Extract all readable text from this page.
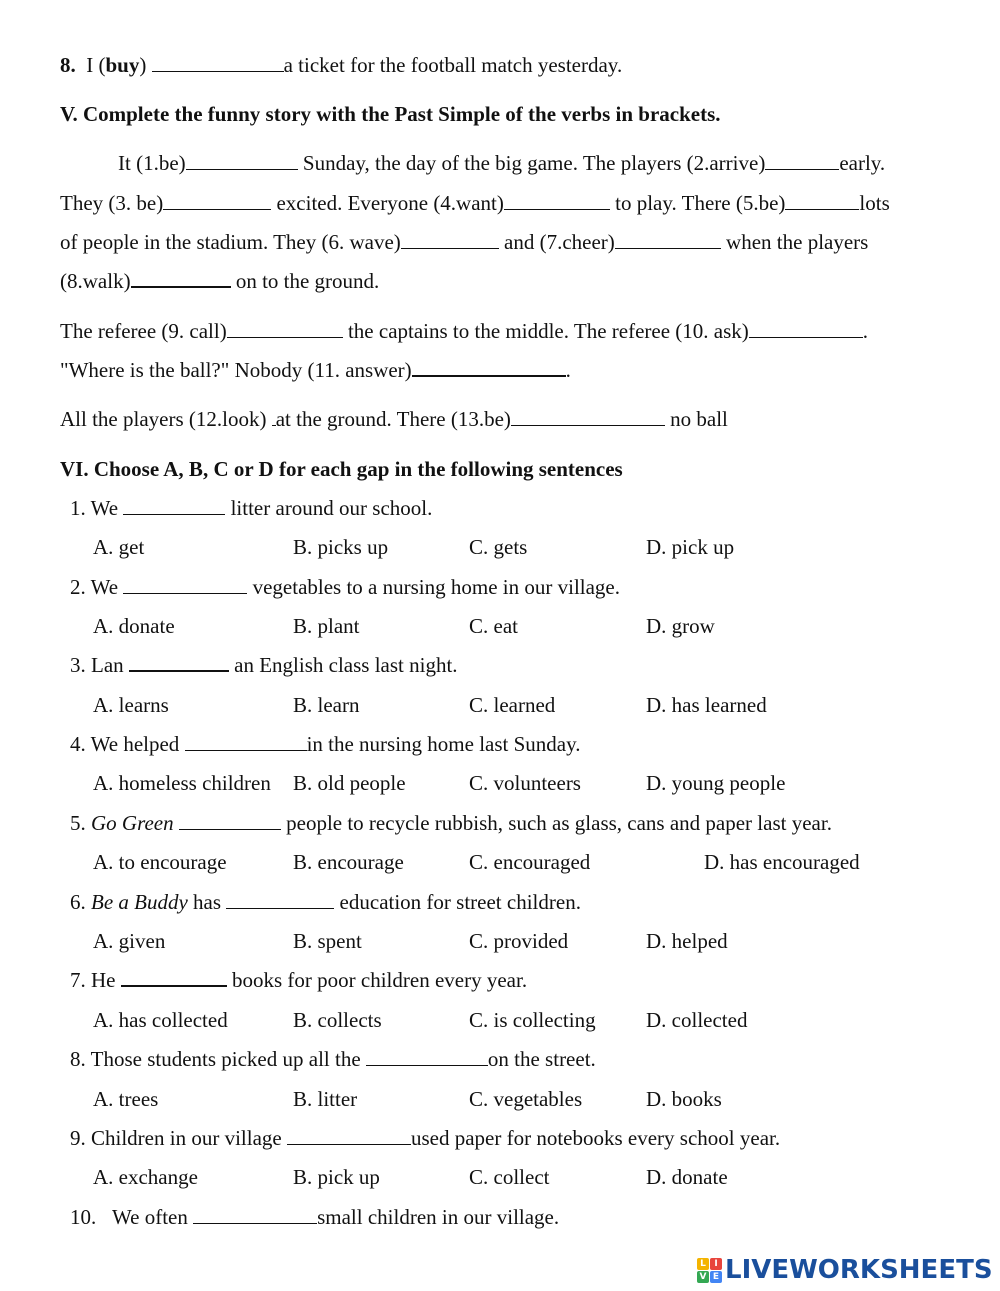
8. I (buy)	a ticket for the football match yesterday.
V. Complete the funny story with the Past Simple of the verbs in brackets.
It (1.be)	Sunday, the day of the big game. The players (2.arrive)	early.
They (3. be)	excited. Everyone (4.want)	to play. There (5.be)	lots
of people in the stadium. They (6. wave)	and (7.cheer)	when the players
(8.walk)	on to the ground.
The referee (9. call)	the captains to the middle. The referee (10. ask)	.
"Where is the ball?" Nobody (11. answer)	.
All the players (12.look) at the ground. There (13.be)	no ball
VI. Choose A, B, C or D for each gap in the following sentences
1. We	litter around our school.
A. get	B. picks up	C. gets	D. pick up
2. We	vegetables to a nursing home in our village.
A. donate	B. plant	C. eat	D. grow
3. Lan	an English class last night.
A. learns	B. learn	C. learned	D. has learned
4. We helped	in the nursing home last Sunday.
A. homeless children B. old people	C. volunteers	D. young people
5. Go Green	people to recycle rubbish, such as glass, cans and paper last year.
A. to encourage	B. encourage	C. encouraged	D. has encouraged
6. Be a Buddy has	education for street children.
A. given	B. spent	C. provided	D. helped
7. He	books for poor children every year.
A. has collected	B. collects	C. is collecting D. collected
8. Those students picked up all the	on the street.
A. trees	B. litter	C. vegetables	D. books
9. Children in our village	used paper for notebooks every school year.
A. exchange	B. pick up	C. collect	D. donate
10. We often	small children in our village.
L I
V E LIVEWORKSHEETS
